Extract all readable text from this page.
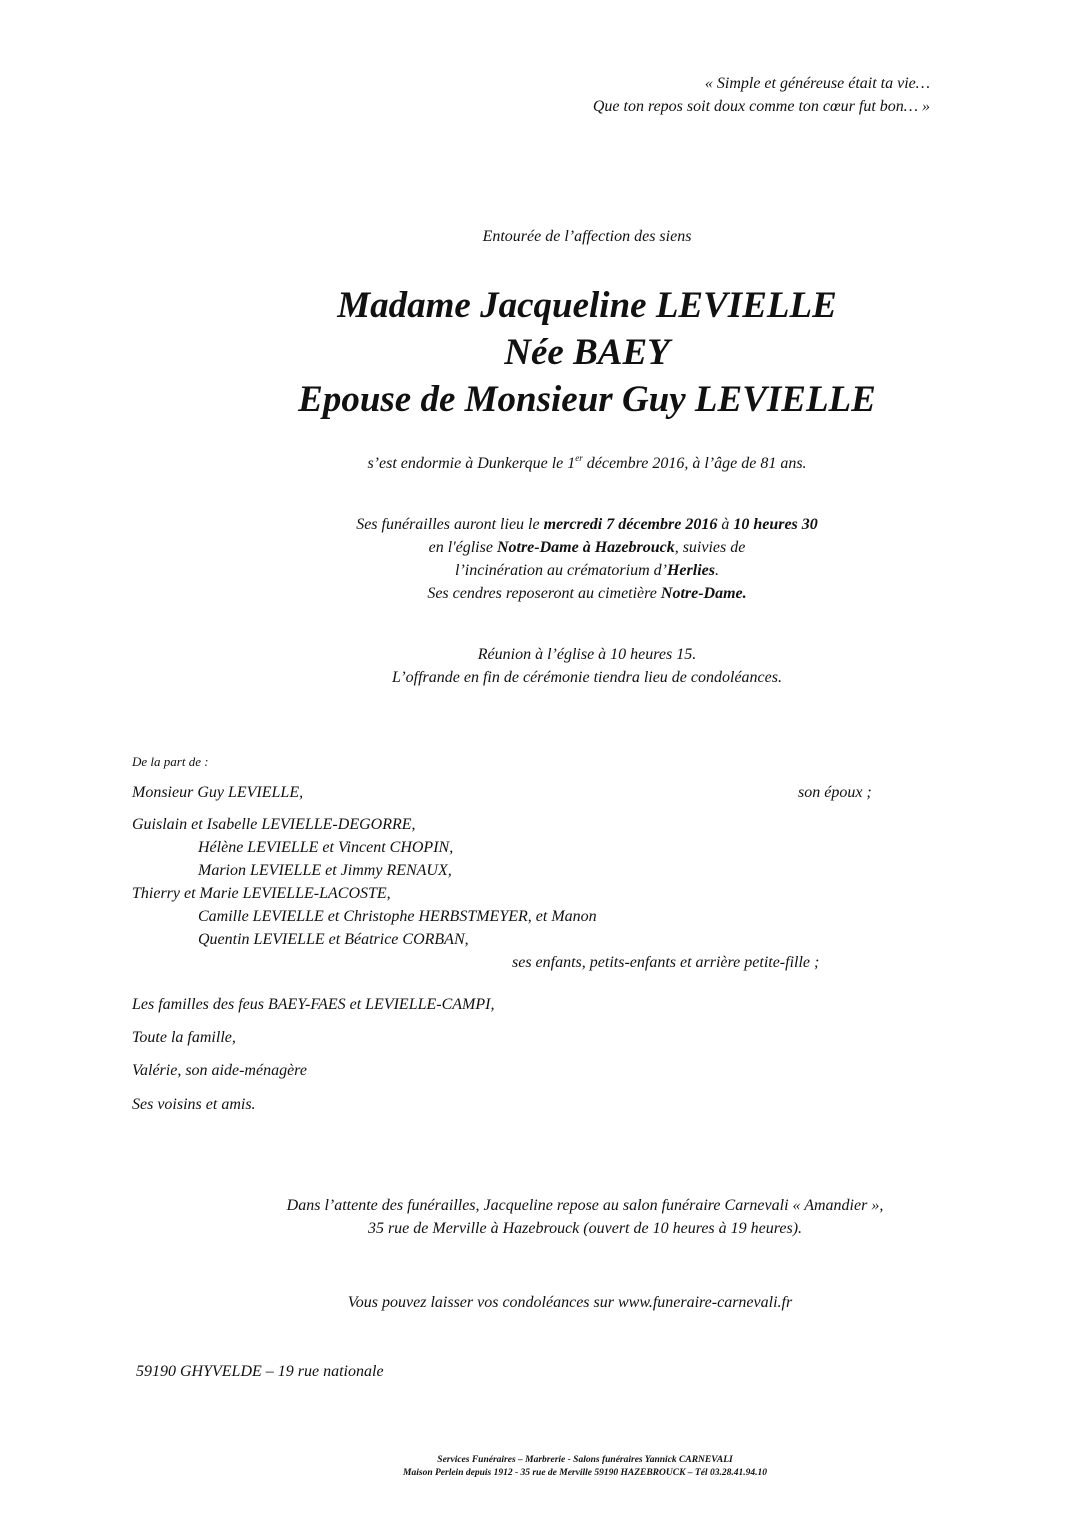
« Simple et généreuse était ta vie…
Que ton repos soit doux comme ton cœur fut bon… »
Entourée de l’affection des siens
Madame Jacqueline LEVIELLE
Née BAEY
Epouse de Monsieur Guy LEVIELLE
s’est endormie à Dunkerque le 1er décembre 2016, à l’âge de 81 ans.
Ses funérailles auront lieu le mercredi 7 décembre 2016 à 10 heures 30
en l'église Notre-Dame à Hazebrouck, suivies de
l’incinération au crématorium d’Herlies.
Ses cendres reposeront au cimetière Notre-Dame.
Réunion à l’église à 10 heures 15.
L’offrande en fin de cérémonie tiendra lieu de condoléances.
De la part de :
Monsieur Guy LEVIELLE,	son époux ;
Guislain et Isabelle LEVIELLE-DEGORRE,
Hélène LEVIELLE et Vincent CHOPIN,
Marion LEVIELLE et Jimmy RENAUX,
Thierry et Marie LEVIELLE-LACOSTE,
Camille LEVIELLE et Christophe HERBSTMEYER, et Manon
Quentin LEVIELLE et Béatrice CORBAN,
ses enfants, petits-enfants et arrière petite-fille ;
Les familles des feus BAEY-FAES et LEVIELLE-CAMPI,
Toute la famille,
Valérie, son aide-ménagère
Ses voisins et amis.
Dans l’attente des funérailles, Jacqueline repose au salon funéraire Carnevali « Amandier »,
35 rue de Merville à Hazebrouck (ouvert de 10 heures à 19 heures).
Vous pouvez laisser vos condoléances sur www.funeraire-carnevali.fr
59190 GHYVELDE – 19 rue nationale
Services Funéraires – Marbrerie - Salons funéraires Yannick CARNEVALI
Maison Perlein depuis 1912 - 35 rue de Merville 59190 HAZEBROUCK – Tél 03.28.41.94.10
